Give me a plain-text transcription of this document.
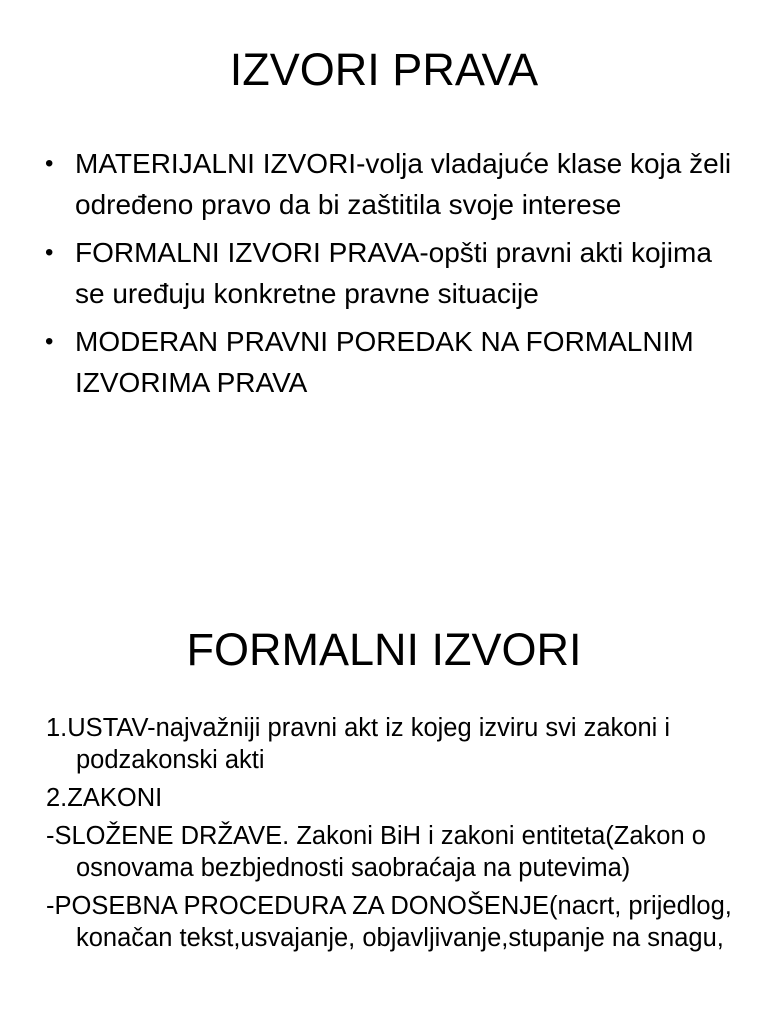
IZVORI PRAVA
• MATERIJALNI IZVORI-volja vladajuće klase koja želi određeno pravo da bi zaštitila svoje interese
• FORMALNI IZVORI PRAVA-opšti pravni akti kojima se uređuju konkretne pravne situacije
• MODERAN PRAVNI POREDAK NA FORMALNIM IZVORIMA PRAVA
FORMALNI IZVORI
1.USTAV-najvažniji pravni akt iz kojeg izviru svi zakoni i podzakonski akti
2.ZAKONI
-SLOŽENE DRŽAVE. Zakoni BiH i zakoni entiteta(Zakon o osnovama bezbjednosti saobraćaja na putevima)
-POSEBNA PROCEDURA ZA DONOŠENJE(nacrt, prijedlog, konačan tekst,usvajanje, objavljivanje,stupanje na snagu,
